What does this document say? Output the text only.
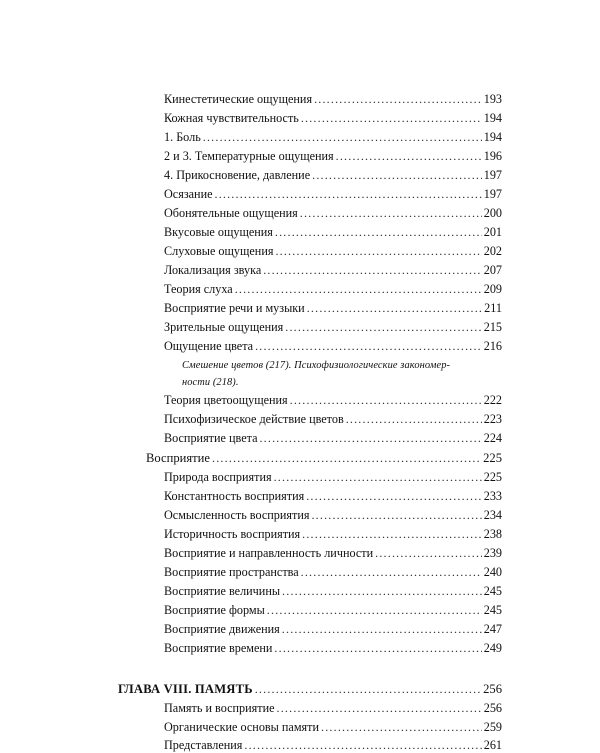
Кинестетические ощущения . . .	193
Кожная чувствительность . . .	194
1. Боль . . .	194
2 и 3. Температурные ощущения . . .	196
4. Прикосновение, давление . . .	197
Осязание . . .	197
Обонятельные ощущения . . .	200
Вкусовые ощущения . . .	201
Слуховые ощущения . . .	202
Локализация звука . . .	207
Теория слуха . . .	209
Восприятие речи и музыки . . .	211
Зрительные ощущения . . .	215
Ощущение цвета . . .	216
Смешение цветов (217). Психофизиологические закономер-
ности (218).
Теория цветоощущения . . .	222
Психофизическое действие цветов . . .	223
Восприятие цвета . . .	224
Восприятие . . .	225
Природа восприятия . . .	225
Константность восприятия . . .	233
Осмысленность восприятия . . .	234
Историчность восприятия . . .	238
Восприятие и направленность личности . . .	239
Восприятие пространства . . .	240
Восприятие величины . . .	245
Восприятие формы . . .	245
Восприятие движения . . .	247
Восприятие времени . . .	249
ГЛАВА VIII. ПАМЯТЬ . . .	256
Память и восприятие . . .	256
Органические основы памяти . . .	259
Представления . . .	261
